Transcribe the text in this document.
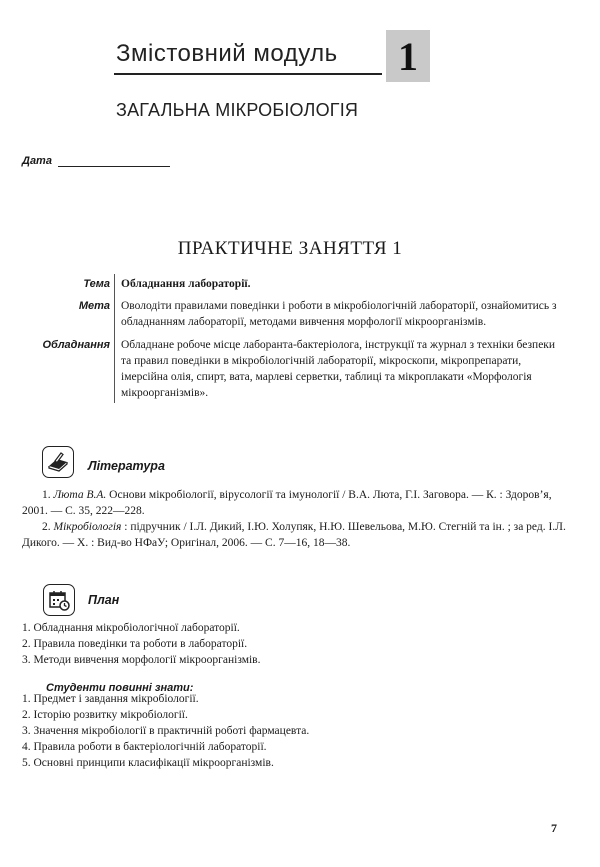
Змістовний модуль 1
ЗАГАЛЬНА МІКРОБІОЛОГІЯ
Дата
ПРАКТИЧНЕ ЗАНЯТТЯ 1
Тема Обладнання лабораторії.
Мета Оволодіти правилами поведінки і роботи в мікробіологічній лабораторії, ознайомитись з обладнанням лабораторії, методами вивчення морфології мікроорганізмів.
Обладнання Обладнане робоче місце лаборанта-бактеріолога, інструкції та журнал з техніки безпеки та правил поведінки в мікробіологічній лабораторії, мікроскопи, мікропрепарати, імерсійна олія, спирт, вата, марлеві серветки, таблиці та мікроплакати «Морфологія мікроорганізмів».
Література

1. Люта В.А. Основи мікробіології, вірусології та імунології / В.А. Люта, Г.І. Заговора. — К. : Здоров’я, 2001. — С. 35, 222—228.

2. Мікробіологія : підручник / І.Л. Дикий, І.Ю. Холупяк, Н.Ю. Шевельова, М.Ю. Стегній та ін. ; за ред. І.Л. Дикого. — Х. : Вид-во НФаУ; Оригінал, 2006. — С. 7—16, 18—38.

План
1. Обладнання мікробіологічної лабораторії.
2. Правила поведінки та роботи в лабораторії.
3. Методи вивчення морфології мікроорганізмів.
Студенти повинні знати:
1. Предмет і завдання мікробіології.
2. Історію розвитку мікробіології.
3. Значення мікробіології в практичній роботі фармацевта.
4. Правила роботи в бактеріологічній лабораторії.
5. Основні принципи класифікації мікроорганізмів.
7
